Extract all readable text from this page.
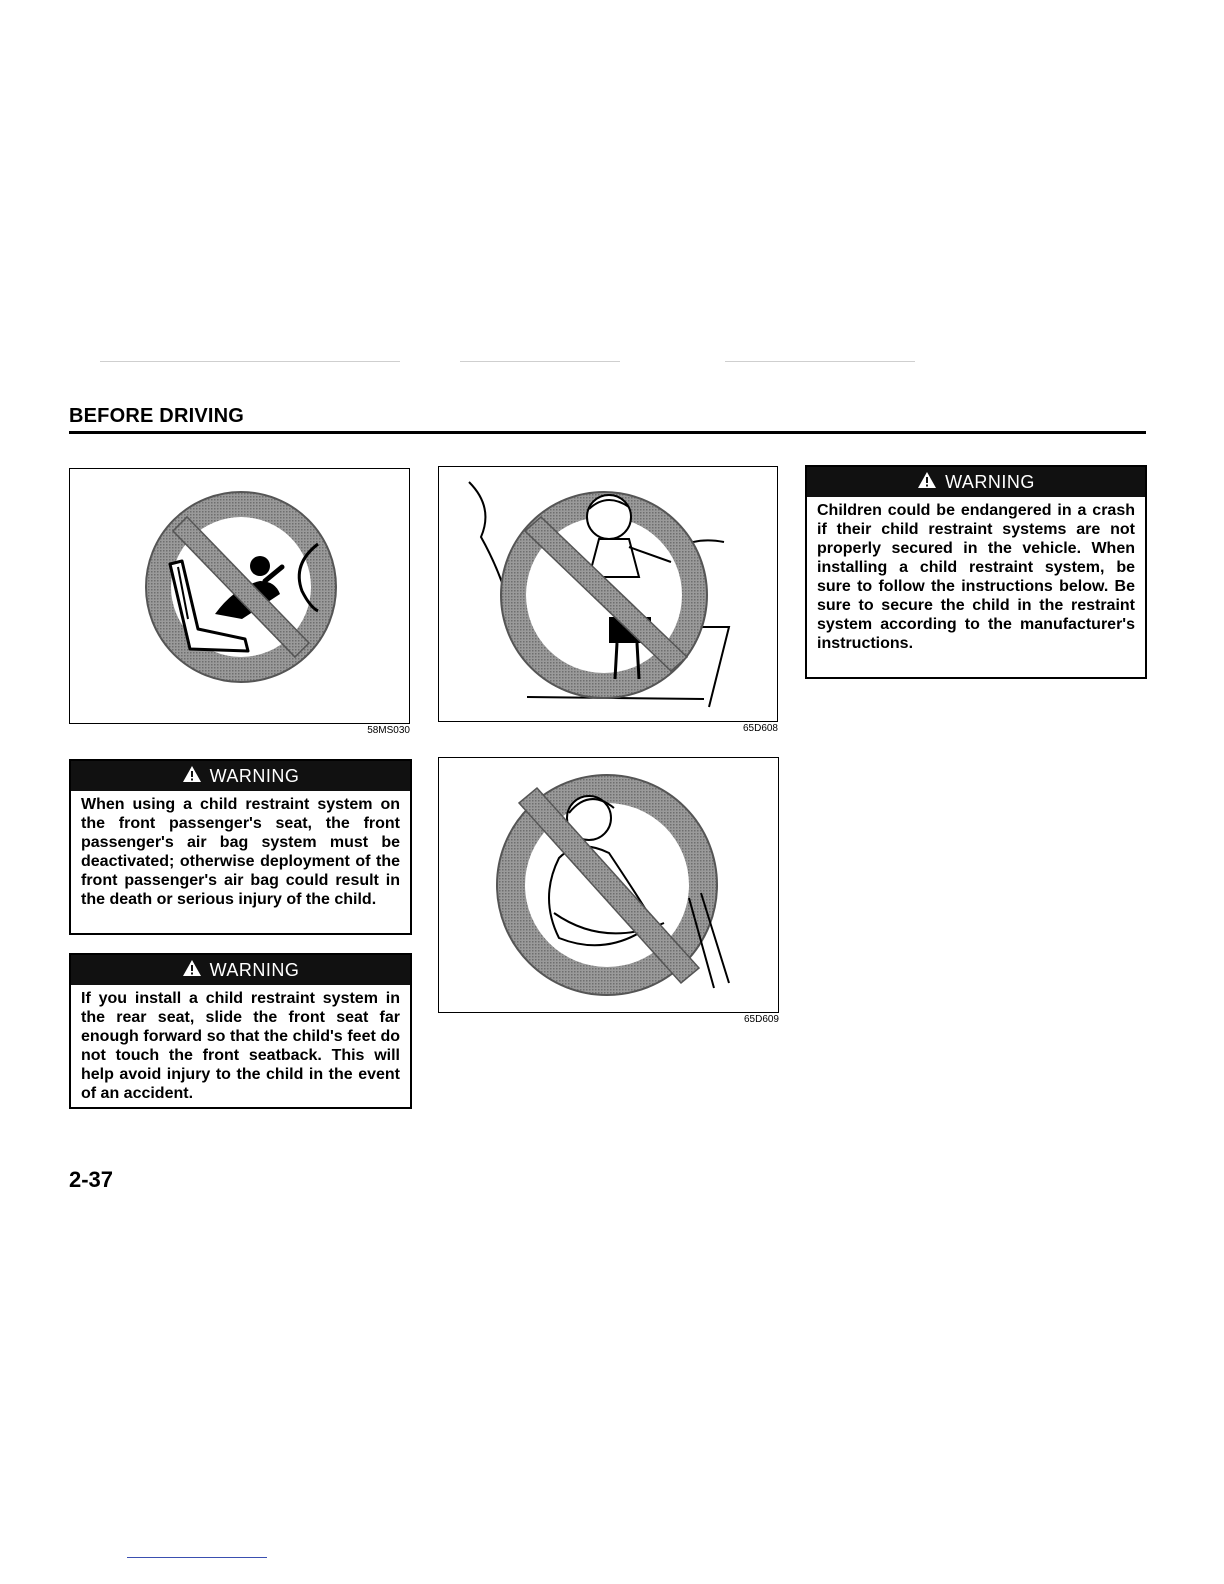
BEFORE DRIVING
58MS030	65D608
65D609
WARNING
Children could be endangered in a crash if their child restraint systems are not properly secured in the vehicle. When installing a child restraint system, be sure to follow the instructions below. Be sure to secure the child in the restraint system according to the manufacturer's instructions.
WARNING
When using a child restraint system on the front passenger's seat, the front passenger's air bag system must be deactivated; otherwise deployment of the front passenger's air bag could result in the death or serious injury of the child.
WARNING
If you install a child restraint system in the rear seat, slide the front seat far enough forward so that the child's feet do not touch the front seatback. This will help avoid injury to the child in the event of an accident.
2-37
